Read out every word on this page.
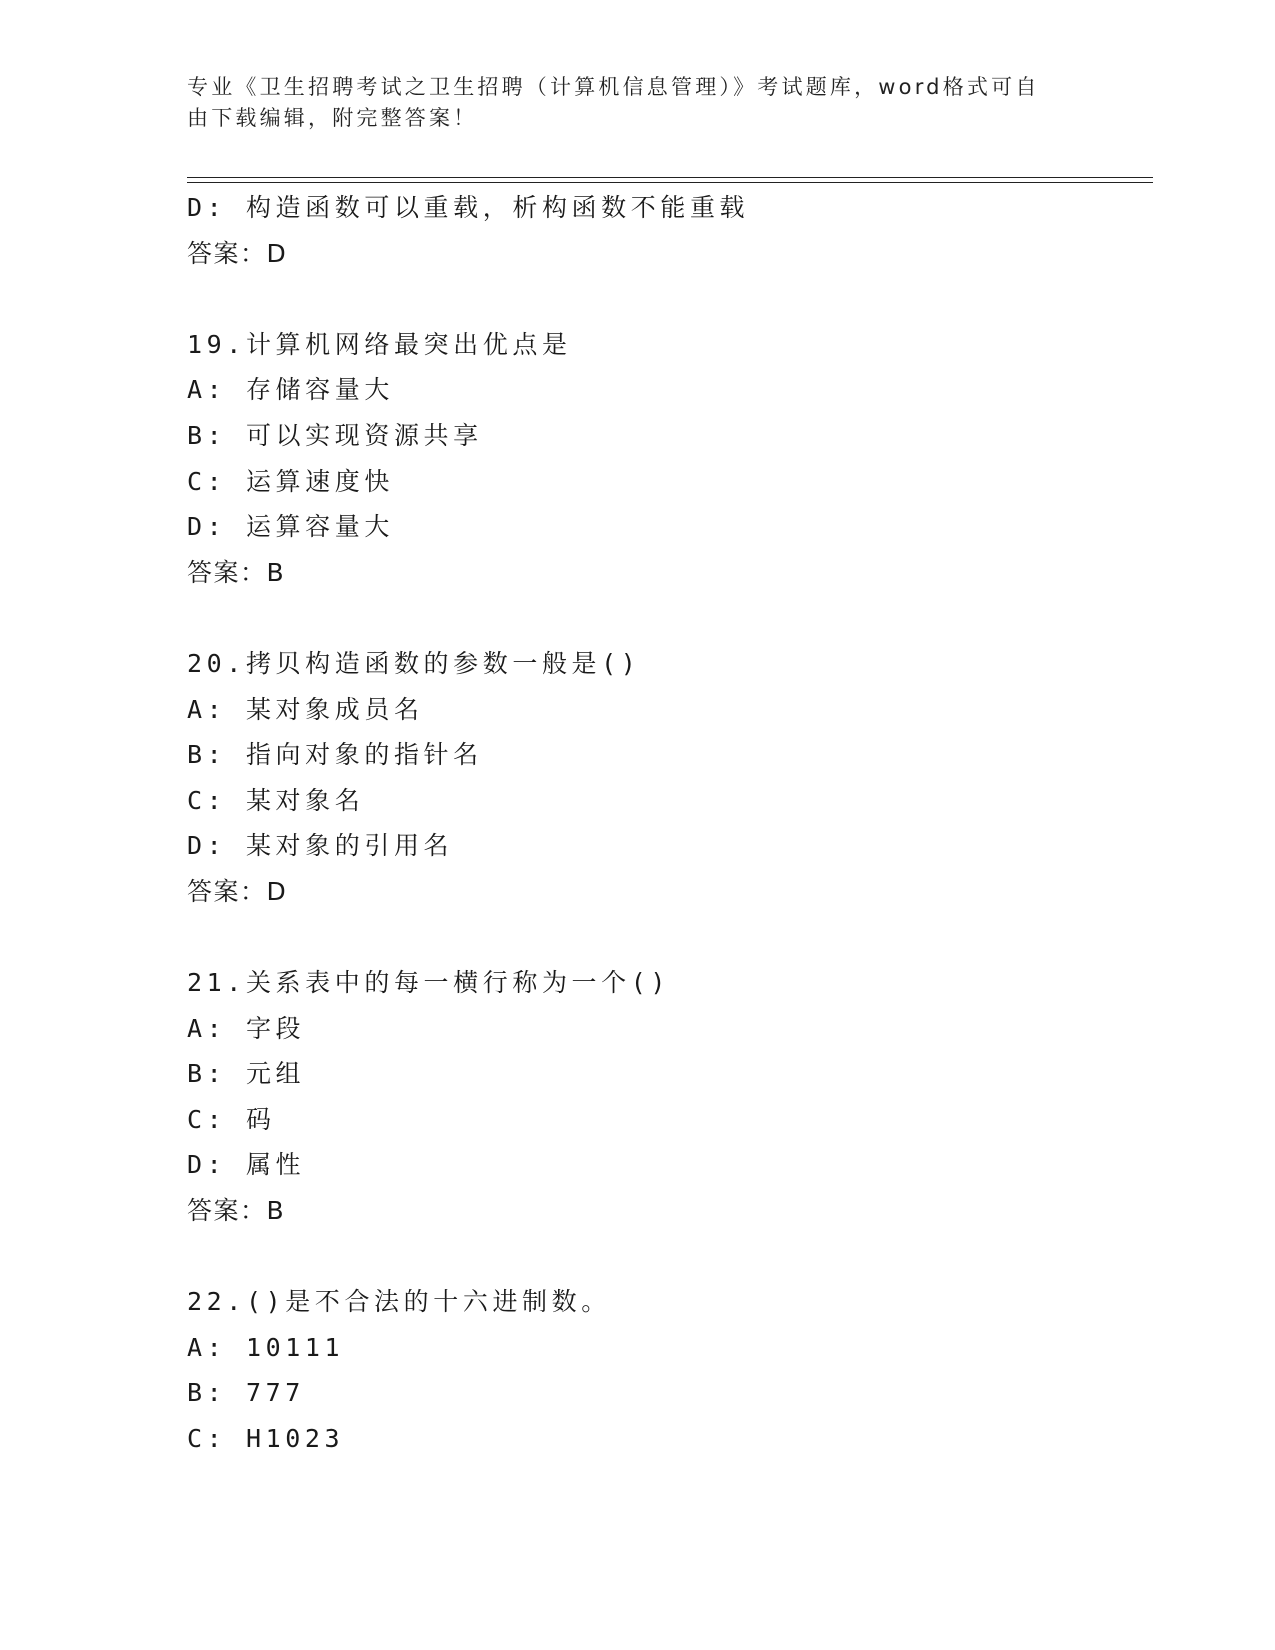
专业《卫生招聘考试之卫生招聘（计算机信息管理）》考试题库，word格式可自
由下载编辑，附完整答案！
D: 构造函数可以重载，析构函数不能重载
答案：D
19.计算机网络最突出优点是
A: 存储容量大
B: 可以实现资源共享
C: 运算速度快
D: 运算容量大
答案：B
20.拷贝构造函数的参数一般是()
A: 某对象成员名
B: 指向对象的指针名
C: 某对象名
D: 某对象的引用名
答案：D
21.关系表中的每一横行称为一个()
A: 字段
B: 元组
C: 码
D: 属性
答案：B
22.()是不合法的十六进制数。
A: 10111
B: 777
C: H1023
